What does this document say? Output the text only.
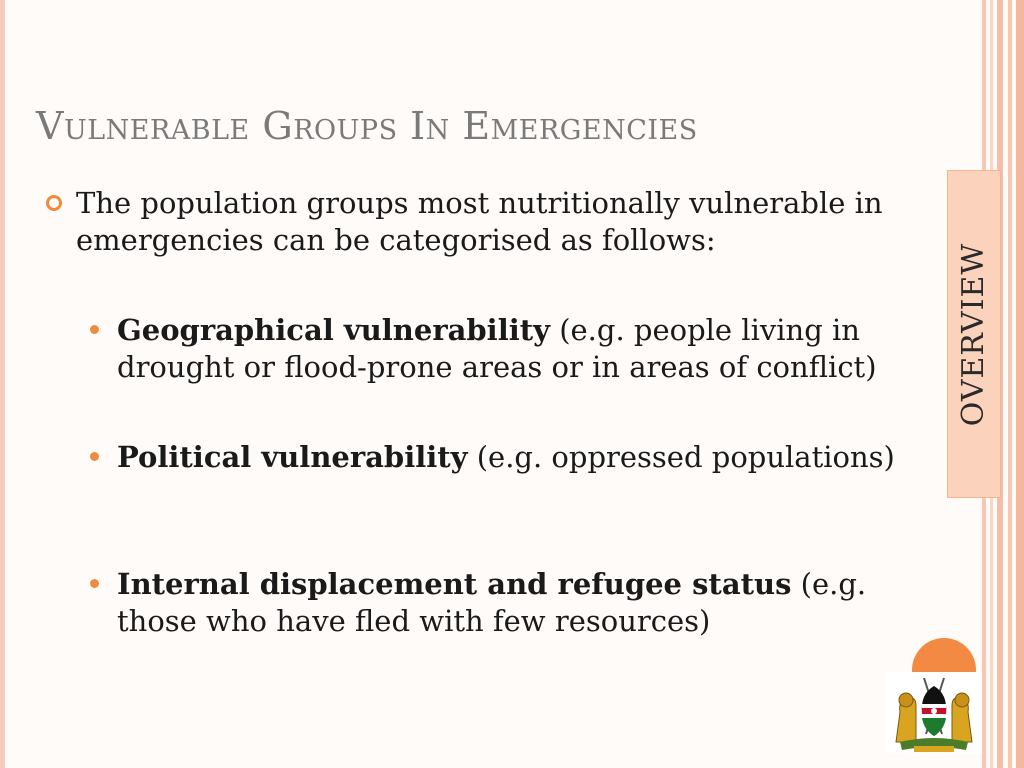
Vulnerable Groups In Emergencies
The population groups most nutritionally vulnerable in emergencies can be categorised as follows:
Geographical vulnerability (e.g. people living in drought or flood-prone areas or in areas of conflict)
Political vulnerability (e.g. oppressed populations)
Internal displacement and refugee status (e.g. those who have fled with few resources)
OVERVIEW
